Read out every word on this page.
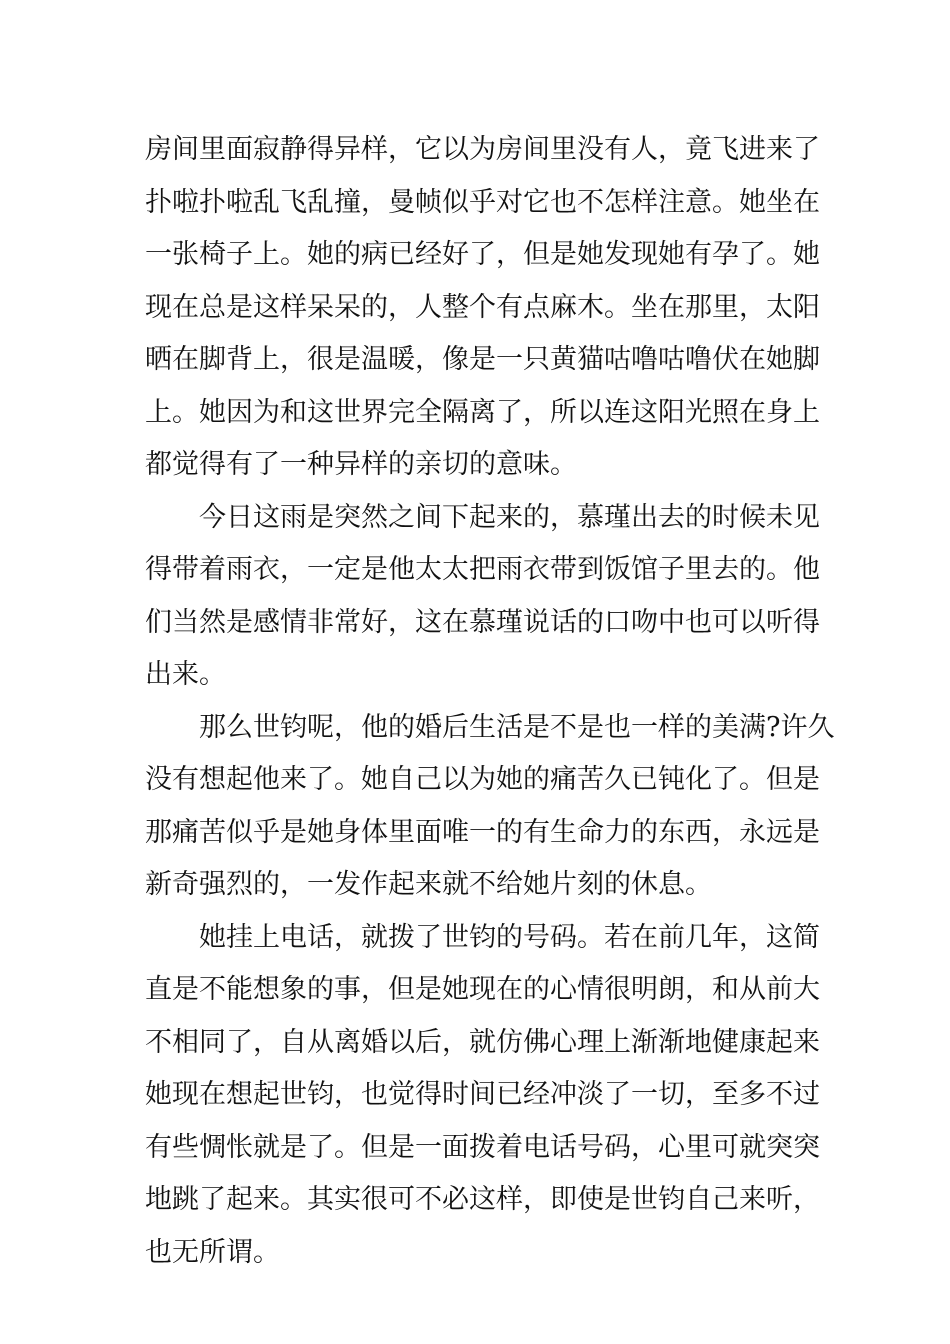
房间里面寂静得异样，它以为房间里没有人，竟飞进来了
扑啦扑啦乱飞乱撞，曼帧似乎对它也不怎样注意。她坐在
一张椅子上。她的病已经好了，但是她发现她有孕了。她
现在总是这样呆呆的，人整个有点麻木。坐在那里，太阳
晒在脚背上，很是温暖，像是一只黄猫咕噜咕噜伏在她脚
上。她因为和这世界完全隔离了，所以连这阳光照在身上
都觉得有了一种异样的亲切的意味。
今日这雨是突然之间下起来的，慕瑾出去的时候未见
得带着雨衣，一定是他太太把雨衣带到饭馆子里去的。他
们当然是感情非常好，这在慕瑾说话的口吻中也可以听得
出来。
那么世钧呢，他的婚后生活是不是也一样的美满?许久
没有想起他来了。她自己以为她的痛苦久已钝化了。但是
那痛苦似乎是她身体里面唯一的有生命力的东西，永远是
新奇强烈的，一发作起来就不给她片刻的休息。
她挂上电话，就拨了世钧的号码。若在前几年，这简
直是不能想象的事，但是她现在的心情很明朗，和从前大
不相同了，自从离婚以后，就仿佛心理上渐渐地健康起来
她现在想起世钧，也觉得时间已经冲淡了一切，至多不过
有些惆怅就是了。但是一面拨着电话号码，心里可就突突
地跳了起来。其实很可不必这样，即使是世钧自己来听，
也无所谓。
